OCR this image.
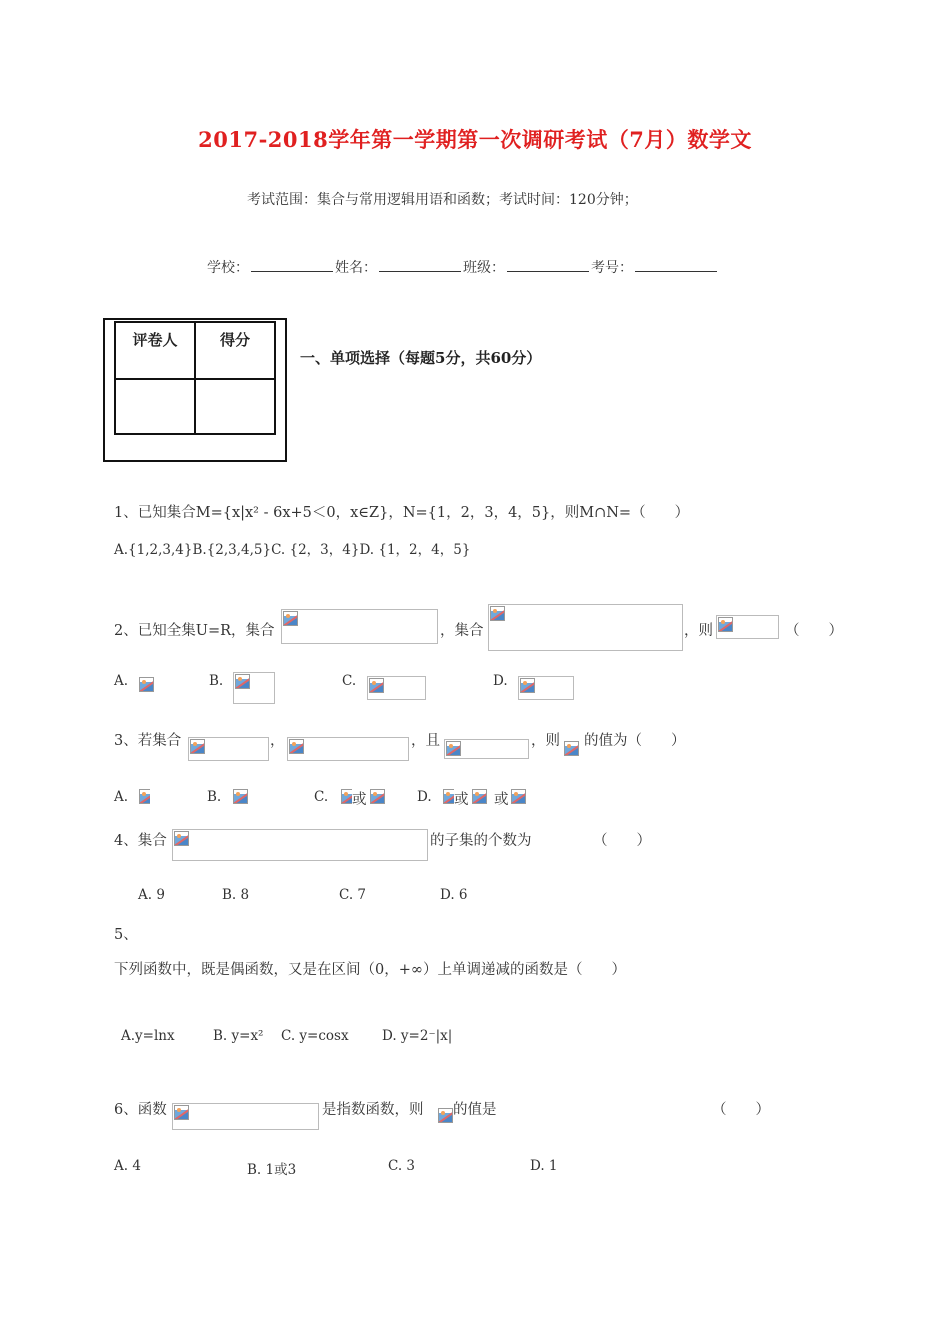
2017-2018学年第一学期第一次调研考试（7月）数学文
考试范围：集合与常用逻辑用语和函数；考试时间：120分钟；
学校：	姓名：	班级：	考号：
评卷人	得分

一、单项选择（每题5分，共60分）
1、已知集合M={x|x² - 6x+5＜0，x∈Z}，N={1，2，3，4，5}，则M∩N=（　　）
A.{1,2,3,4}B.{2,3,4,5}C. {2，3，4}D. {1，2，4，5}
2、已知全集U=R，集合	，集合	，则	（　　）
A.	B.	C.	D.
3、若集合	，	，且	，则 的值为（　　）
A.	B.	C. 或	D. 或 或
4、集合	的子集的个数为	（　　）
A. 9	B. 8	C. 7	D. 6
5、
下列函数中，既是偶函数，又是在区间（0，+∞）上单调递减的函数是（　　）
A.y=lnx	B. y=x² C. y=cosx D. y=2⁻|x|
6、函数	是指数函数，则 的值是	（　　）
A. 4	B. 1或3	C. 3	D. 1
